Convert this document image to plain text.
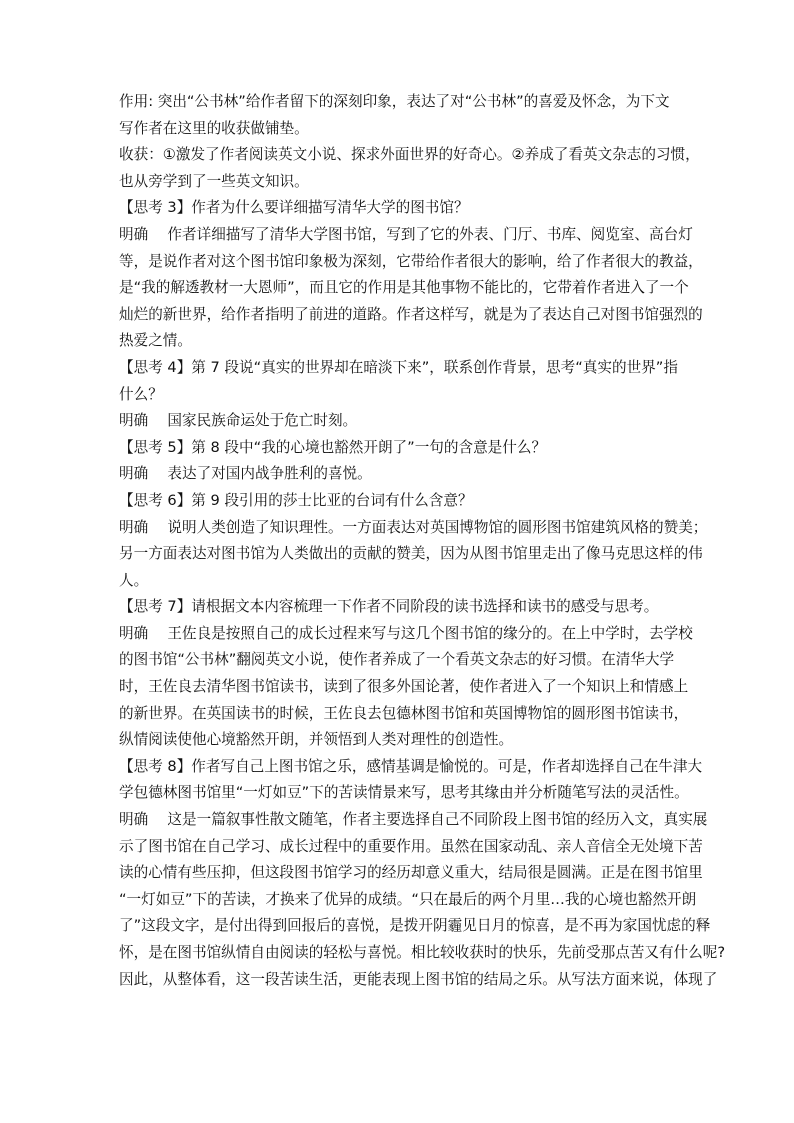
作用: 突出“公书林”给作者留下的深刻印象，表达了对“公书林”的喜爱及怀念，为下文
写作者在这里的收获做铺垫。
收获：①激发了作者阅读英文小说、探求外面世界的好奇心。②养成了看英文杂志的习惯，
也从旁学到了一些英文知识。
【思考 3】作者为什么要详细描写清华大学的图书馆？
明确　 作者详细描写了清华大学图书馆，写到了它的外表、门厅、书库、阅览室、高台灯
等，是说作者对这个图书馆印象极为深刻，它带给作者很大的影响，给了作者很大的教益，
是“我的解透教材一大恩师”，而且它的作用是其他事物不能比的，它带着作者进入了一个
灿烂的新世界，给作者指明了前进的道路。作者这样写，就是为了表达自己对图书馆强烈的
热爱之情。
【思考 4】第 7 段说“真实的世界却在暗淡下来”，联系创作背景，思考“真实的世界”指
什么？
明确　 国家民族命运处于危亡时刻。
【思考 5】第 8 段中“我的心境也豁然开朗了”一句的含意是什么？
明确　 表达了对国内战争胜利的喜悦。
【思考 6】第 9 段引用的莎士比亚的台词有什么含意？
明确　 说明人类创造了知识理性。一方面表达对英国博物馆的圆形图书馆建筑风格的赞美；
另一方面表达对图书馆为人类做出的贡献的赞美，因为从图书馆里走出了像马克思这样的伟
人。
【思考 7】请根据文本内容梳理一下作者不同阶段的读书选择和读书的感受与思考。
明确　 王佐良是按照自己的成长过程来写与这几个图书馆的缘分的。在上中学时，去学校
的图书馆“公书林”翻阅英文小说，使作者养成了一个看英文杂志的好习惯。在清华大学
时，王佐良去清华图书馆读书，读到了很多外国论著，使作者进入了一个知识上和情感上
的新世界。在英国读书的时候，王佐良去包德林图书馆和英国博物馆的圆形图书馆读书，
纵情阅读使他心境豁然开朗，并领悟到人类对理性的创造性。
【思考 8】作者写自己上图书馆之乐，感情基调是愉悦的。可是，作者却选择自己在牛津大
学包德林图书馆里“一灯如豆”下的苦读情景来写，思考其缘由并分析随笔写法的灵活性。
明确　 这是一篇叙事性散文随笔，作者主要选择自己不同阶段上图书馆的经历入文，真实展
示了图书馆在自己学习、成长过程中的重要作用。虽然在国家动乱、亲人音信全无处境下苦
读的心情有些压抑，但这段图书馆学习的经历却意义重大，结局很是圆满。正是在图书馆里
“一灯如豆”下的苦读，才换来了优异的成绩。“只在最后的两个月里…我的心境也豁然开朗
了”这段文字，是付出得到回报后的喜悦，是拨开阴霾见日月的惊喜，是不再为家国忧虑的释
怀，是在图书馆纵情自由阅读的轻松与喜悦。相比较收获时的快乐，先前受那点苦又有什么呢?
因此，从整体看，这一段苦读生活，更能表现上图书馆的结局之乐。从写法方面来说，体现了
